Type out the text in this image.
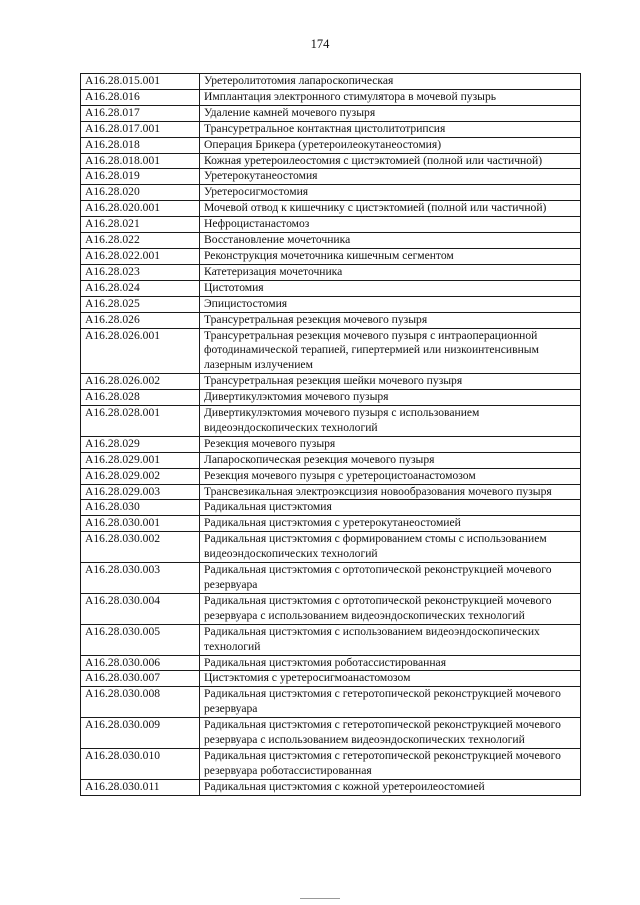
174
A16.28.015.001	Уретеролитотомия лапароскопическая
A16.28.016	Имплантация электронного стимулятора в мочевой пузырь
A16.28.017	Удаление камней мочевого пузыря
A16.28.017.001	Трансуретральное контактная цистолитотрипсия
A16.28.018	Операция Брикера (уретероилеокутанеостомия)
A16.28.018.001	Кожная уретероилеостомия с цистэктомией (полной или частичной)
A16.28.019	Уретерокутанеостомия
A16.28.020	Уретеросигмостомия
A16.28.020.001	Мочевой отвод к кишечнику с цистэктомией (полной или частичной)
A16.28.021	Нефроцистанастомоз
A16.28.022	Восстановление мочеточника
A16.28.022.001	Реконструкция мочеточника кишечным сегментом
A16.28.023	Катетеризация мочеточника
A16.28.024	Цистотомия
A16.28.025	Эпицистостомия
A16.28.026	Трансуретральная резекция мочевого пузыря
A16.28.026.001	Трансуретральная резекция мочевого пузыря с интраоперационной фотодинамической терапией, гипертермией или низкоинтенсивным лазерным излучением
A16.28.026.002	Трансуретральная резекция шейки мочевого пузыря
A16.28.028	Дивертикулэктомия мочевого пузыря
A16.28.028.001	Дивертикулэктомия мочевого пузыря с использованием видеоэндоскопических технологий
A16.28.029	Резекция мочевого пузыря
A16.28.029.001	Лапароскопическая резекция мочевого пузыря
A16.28.029.002	Резекция мочевого пузыря с уретероцистоанастомозом
A16.28.029.003	Трансвезикальная электроэксцизия новообразования мочевого пузыря
A16.28.030	Радикальная цистэктомия
A16.28.030.001	Радикальная цистэктомия с уретерокутанеостомией
A16.28.030.002	Радикальная цистэктомия с формированием стомы с использованием видеоэндоскопических технологий
A16.28.030.003	Радикальная цистэктомия с ортотопической реконструкцией мочевого резервуара
A16.28.030.004	Радикальная цистэктомия с ортотопической реконструкцией мочевого резервуара с использованием видеоэндоскопических технологий
A16.28.030.005	Радикальная цистэктомия с использованием видеоэндоскопических технологий
A16.28.030.006	Радикальная цистэктомия роботассистированная
A16.28.030.007	Цистэктомия с уретеросигмоанастомозом
A16.28.030.008	Радикальная цистэктомия с гетеротопической реконструкцией мочевого резервуара
A16.28.030.009	Радикальная цистэктомия с гетеротопической реконструкцией мочевого резервуара с использованием видеоэндоскопических технологий
A16.28.030.010	Радикальная цистэктомия с гетеротопической реконструкцией мочевого резервуара роботассистированная
A16.28.030.011	Радикальная цистэктомия с кожной уретероилеостомией
